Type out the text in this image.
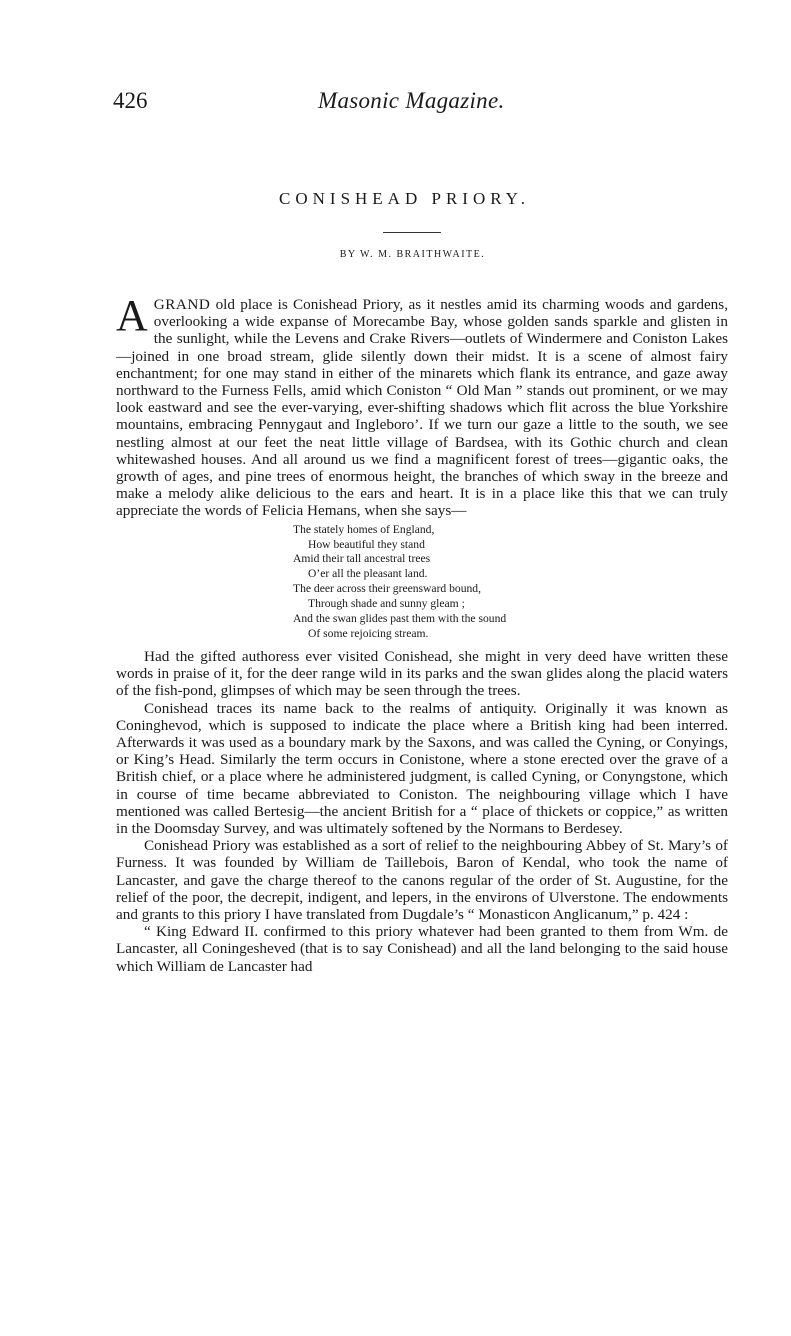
426	Masonic Magazine.
CONISHEAD PRIORY.
BY W. M. BRAITHWAITE.

AGRAND old place is Conishead Priory, as it nestles amid its charming woods and gardens, overlooking a wide expanse of Morecambe Bay, whose golden sands sparkle and glisten in the sunlight, while the Levens and Crake Rivers—outlets of Windermere and Coniston Lakes—joined in one broad stream, glide silently down their midst. It is a scene of almost fairy enchantment; for one may stand in either of the minarets which flank its entrance, and gaze away northward to the Furness Fells, amid which Coniston “ Old Man ” stands out prominent, or we may look eastward and see the ever-varying, ever-shifting shadows which flit across the blue Yorkshire mountains, embracing Pennygaut and Ingleboro’. If we turn our gaze a little to the south, we see nestling almost at our feet the neat little village of Bardsea, with its Gothic church and clean whitewashed houses. And all around us we find a magnificent forest of trees—gigantic oaks, the growth of ages, and pine trees of enormous height, the branches of which sway in the breeze and make a melody alike delicious to the ears and heart. It is in a place like this that we can truly appreciate the words of Felicia Hemans, when she says—

The stately homes of England,
How beautiful they stand
Amid their tall ancestral trees
O’er all the pleasant land.
The deer across their greensward bound,
Through shade and sunny gleam ;
And the swan glides past them with the sound
Of some rejoicing stream.

Had the gifted authoress ever visited Conishead, she might in very deed have written these words in praise of it, for the deer range wild in its parks and the swan glides along the placid waters of the fish-pond, glimpses of which may be seen through the trees.

Conishead traces its name back to the realms of antiquity. Originally it was known as Coninghevod, which is supposed to indicate the place where a British king had been interred. Afterwards it was used as a boundary mark by the Saxons, and was called the Cyning, or Conyings, or King’s Head. Similarly the term occurs in Conistone, where a stone erected over the grave of a British chief, or a place where he administered judgment, is called Cyning, or Conyngstone, which in course of time became abbreviated to Coniston. The neighbouring village which I have mentioned was called Bertesig—the ancient British for a “ place of thickets or coppice,” as written in the Doomsday Survey, and was ultimately softened by the Normans to Berdesey.

Conishead Priory was established as a sort of relief to the neighbouring Abbey of St. Mary’s of Furness. It was founded by William de Taillebois, Baron of Kendal, who took the name of Lancaster, and gave the charge thereof to the canons regular of the order of St. Augustine, for the relief of the poor, the decrepit, indigent, and lepers, in the environs of Ulverstone. The endowments and grants to this priory I have translated from Dugdale’s “ Monasticon Anglicanum,” p. 424 :

“ King Edward II. confirmed to this priory whatever had been granted to them from Wm. de Lancaster, all Coningesheved (that is to say Conishead) and all the land belonging to the said house which William de Lancaster had
